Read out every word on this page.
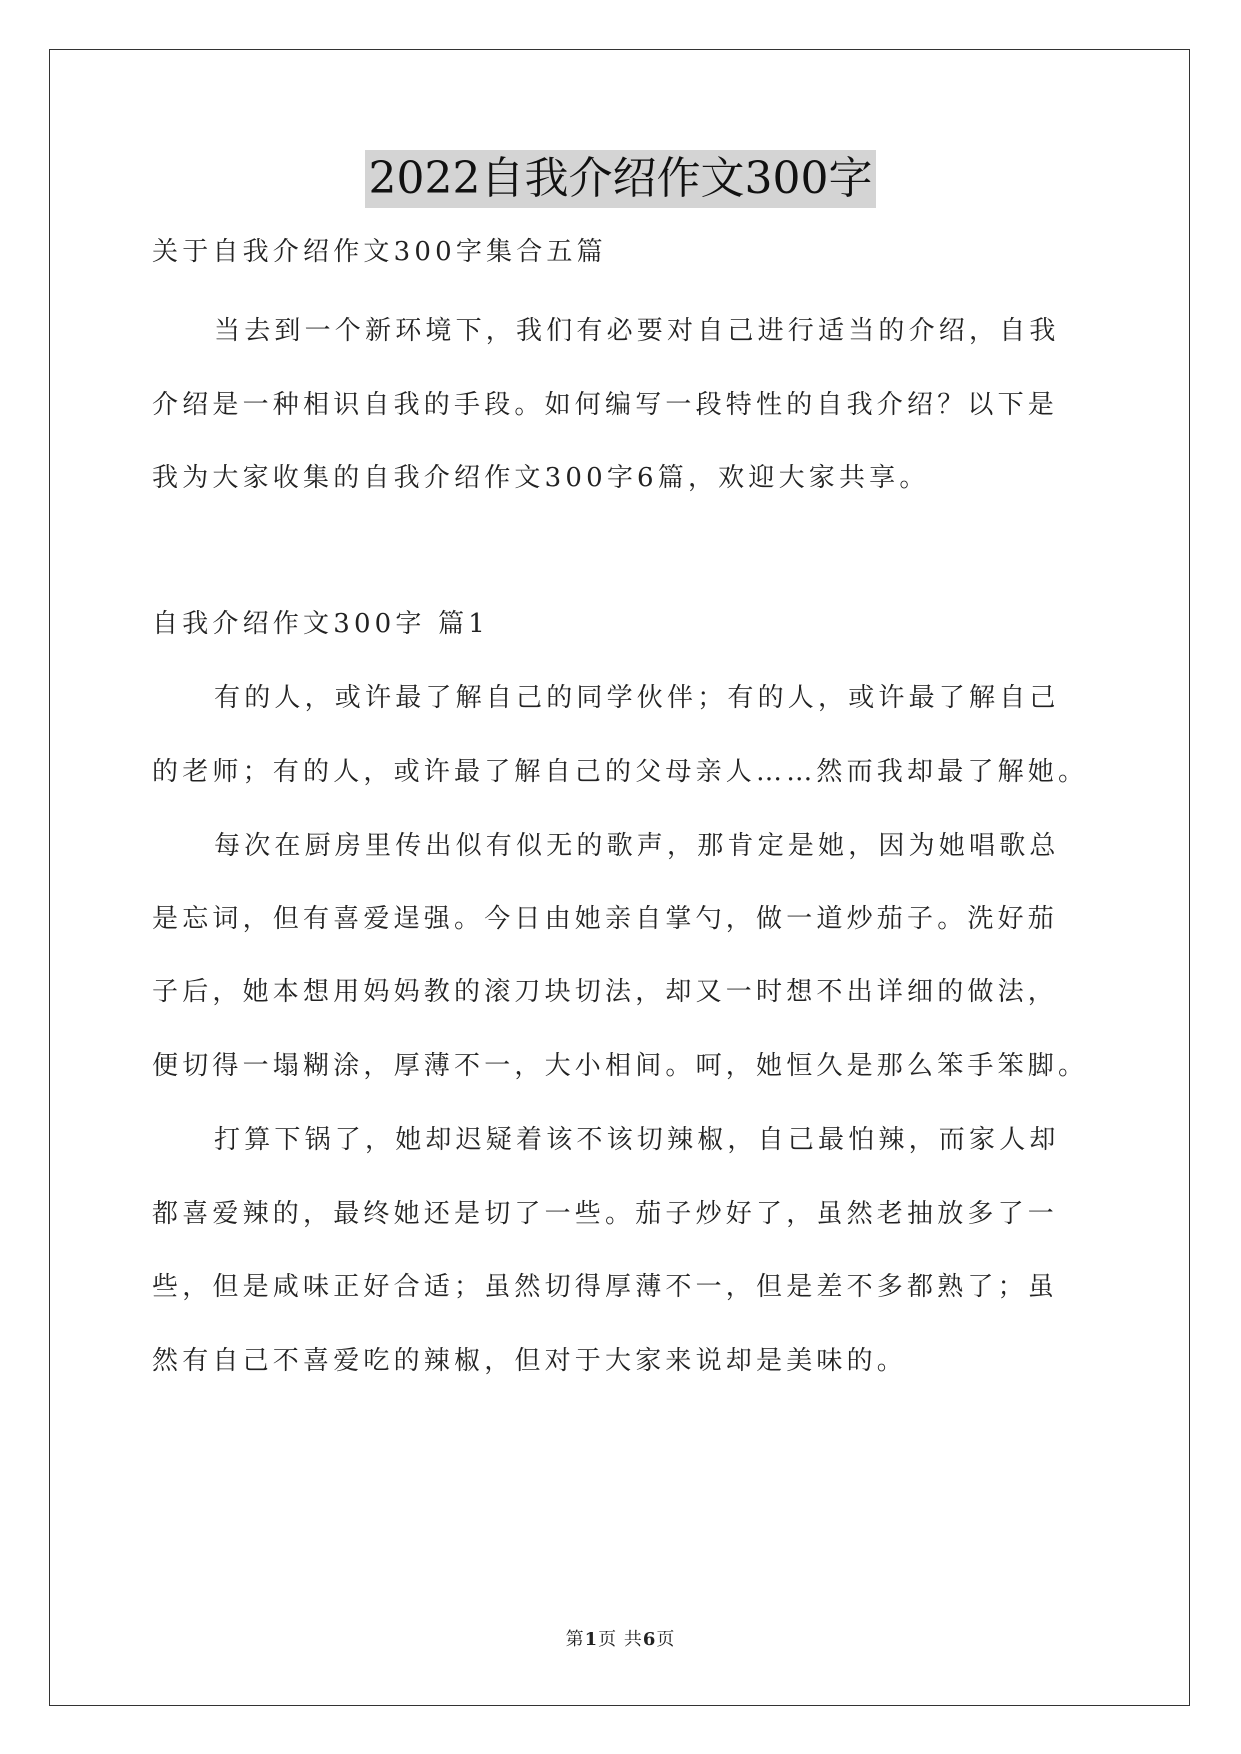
2022自我介绍作文300字
关于自我介绍作文300字集合五篇
当去到一个新环境下，我们有必要对自己进行适当的介绍，自我
介绍是一种相识自我的手段。如何编写一段特性的自我介绍？以下是
我为大家收集的自我介绍作文300字6篇，欢迎大家共享。
自我介绍作文300字 篇1
有的人，或许最了解自己的同学伙伴；有的人，或许最了解自己
的老师；有的人，或许最了解自己的父母亲人……然而我却最了解她。
每次在厨房里传出似有似无的歌声，那肯定是她，因为她唱歌总
是忘词，但有喜爱逞强。今日由她亲自掌勺，做一道炒茄子。洗好茄
子后，她本想用妈妈教的滚刀块切法，却又一时想不出详细的做法，
便切得一塌糊涂，厚薄不一，大小相间。呵，她恒久是那么笨手笨脚。
打算下锅了，她却迟疑着该不该切辣椒，自己最怕辣，而家人却
都喜爱辣的，最终她还是切了一些。茄子炒好了，虽然老抽放多了一
些，但是咸味正好合适；虽然切得厚薄不一，但是差不多都熟了；虽
然有自己不喜爱吃的辣椒，但对于大家来说却是美味的。
第1页 共6页
